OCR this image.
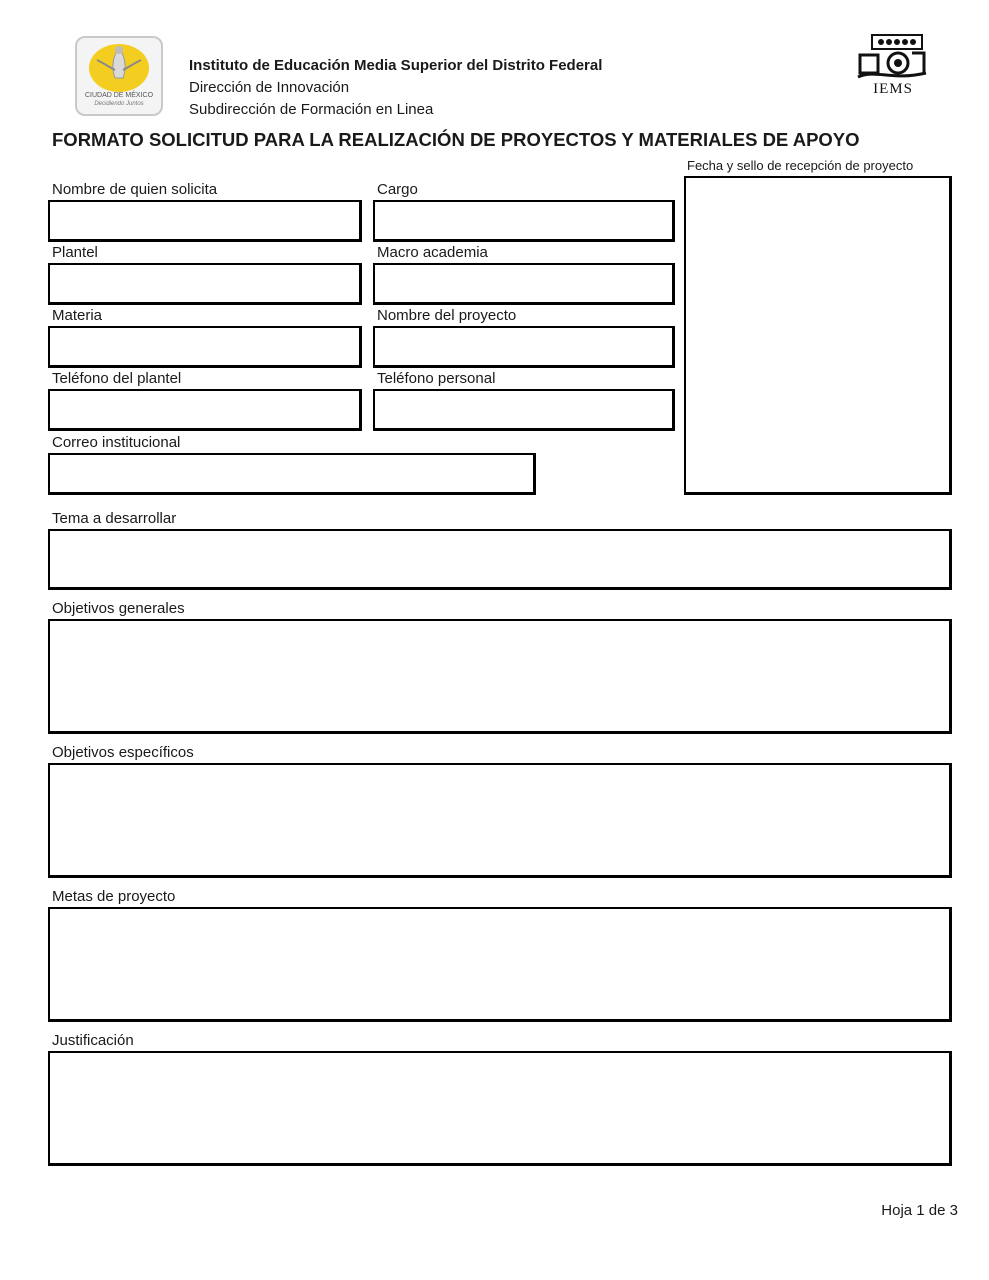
CIUDAD DE MÉXICO
Decidiendo Juntos
Instituto de Educación Media Superior del Distrito Federal
Dirección de Innovación
Subdirección de Formación en Linea
IEMS
FORMATO SOLICITUD PARA LA REALIZACIÓN DE PROYECTOS Y MATERIALES DE APOYO
Fecha y sello de recepción de proyecto
Nombre de quien solicita	Cargo
Plantel	Macro academia
Materia	Nombre del proyecto
Teléfono del plantel	Teléfono personal
Correo institucional
Tema a desarrollar
Objetivos generales
Objetivos específicos
Metas de proyecto
Justificación
Hoja 1 de 3
